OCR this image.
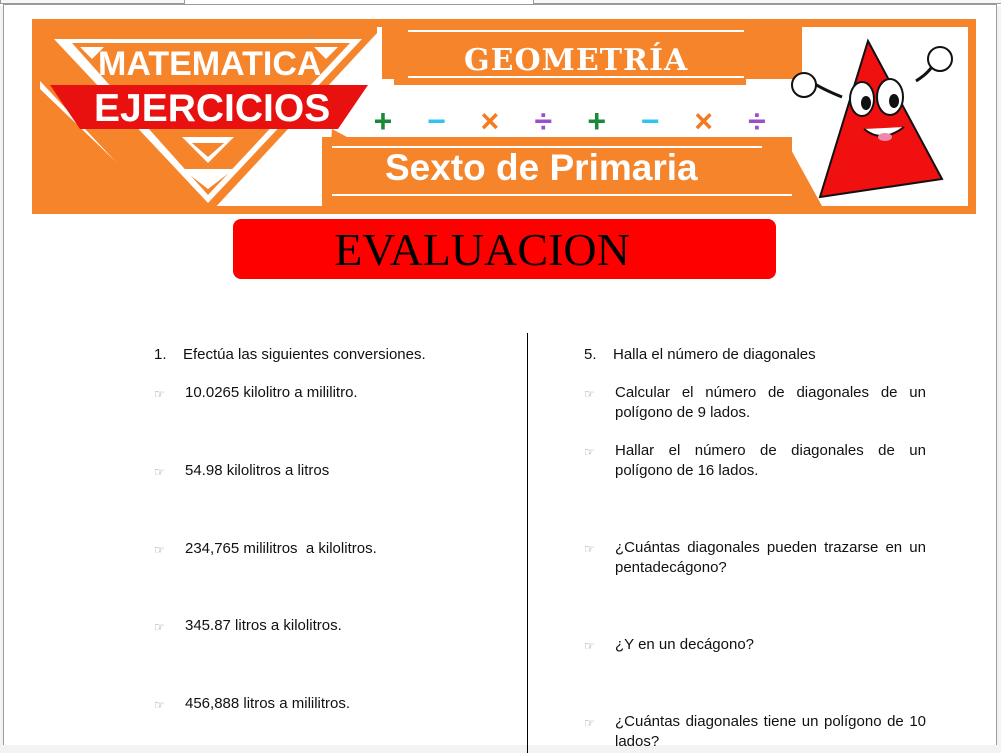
MATEMATICA
EJERCICIOS
GEOMETRÍA
Sexto de Primaria
+ − × ÷ + − × ÷
EVALUACION
1. Efectúa las siguientes conversiones.
☞ 10.0265 kilolitro a mililitro.
☞ 54.98 kilolitros a litros
☞ 234,765 mililitros  a kilolitros.
☞ 345.87 litros a kilolitros.
☞ 456,888 litros a mililitros.
5. Halla el número de diagonales
☞ Calcular el número de diagonales de un polígono de 9 lados.
☞ Hallar el número de diagonales de un polígono de 16 lados.
☞ ¿Cuántas diagonales pueden trazarse en un pentadecágono?
☞ ¿Y en un decágono?
☞ ¿Cuántas diagonales tiene un polígono de 10 lados?
